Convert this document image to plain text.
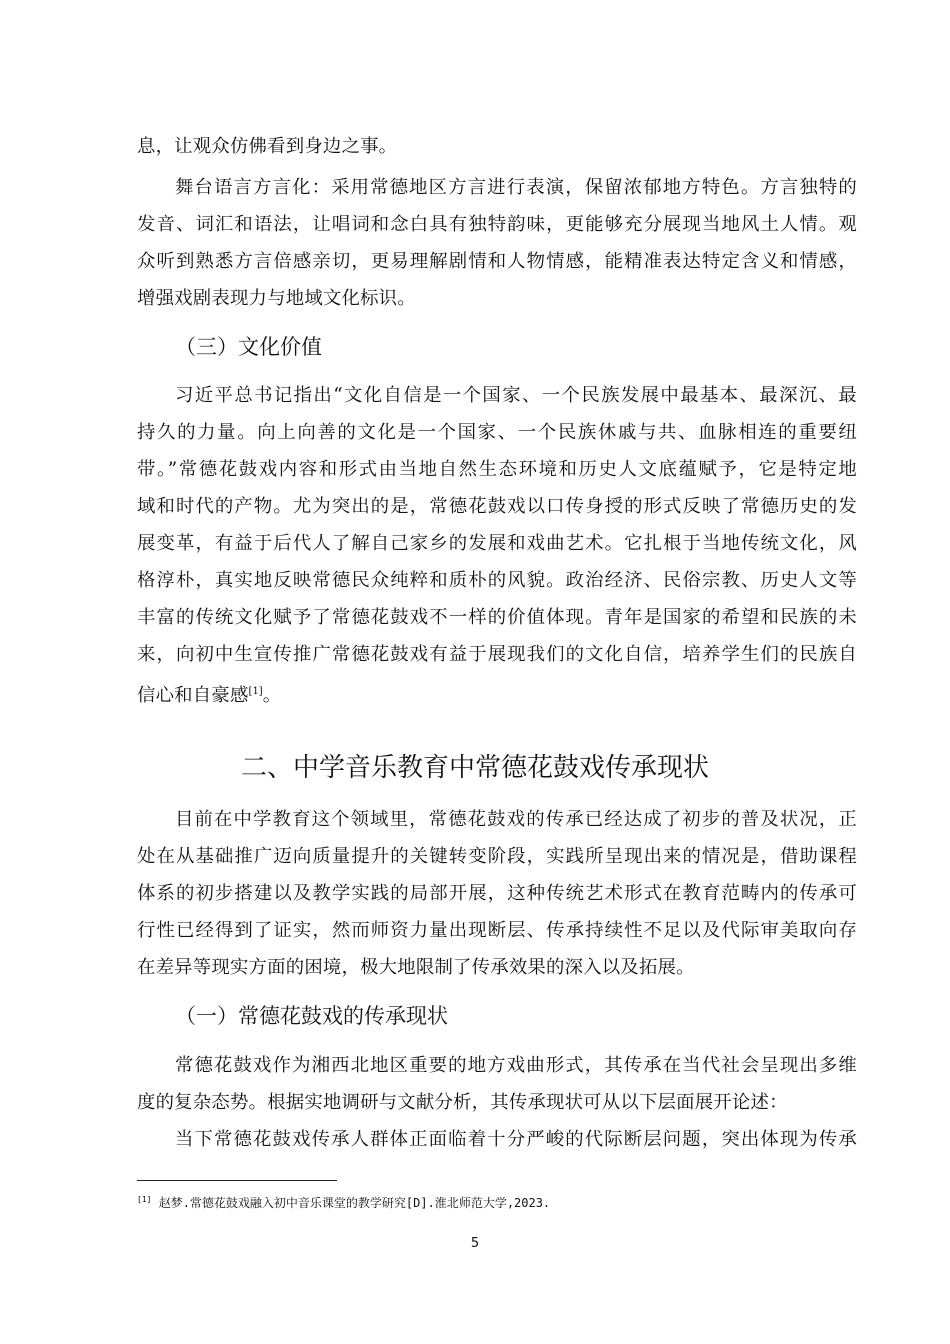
息，让观众仿佛看到身边之事。
舞台语言方言化：采用常德地区方言进行表演，保留浓郁地方特色。方言独特的
发音、词汇和语法，让唱词和念白具有独特韵味，更能够充分展现当地风土人情。观
众听到熟悉方言倍感亲切，更易理解剧情和人物情感，能精准表达特定含义和情感，
增强戏剧表现力与地域文化标识。
（三）文化价值
习近平总书记指出“文化自信是一个国家、一个民族发展中最基本、最深沉、最
持久的力量。向上向善的文化是一个国家、一个民族休戚与共、血脉相连的重要纽
带。”常德花鼓戏内容和形式由当地自然生态环境和历史人文底蕴赋予，它是特定地
域和时代的产物。尤为突出的是，常德花鼓戏以口传身授的形式反映了常德历史的发
展变革，有益于后代人了解自己家乡的发展和戏曲艺术。它扎根于当地传统文化，风
格淳朴，真实地反映常德民众纯粹和质朴的风貌。政治经济、民俗宗教、历史人文等
丰富的传统文化赋予了常德花鼓戏不一样的价值体现。青年是国家的希望和民族的未
来，向初中生宣传推广常德花鼓戏有益于展现我们的文化自信，培养学生们的民族自
信心和自豪感[1]。
二、中学音乐教育中常德花鼓戏传承现状
目前在中学教育这个领域里，常德花鼓戏的传承已经达成了初步的普及状况，正
处在从基础推广迈向质量提升的关键转变阶段，实践所呈现出来的情况是，借助课程
体系的初步搭建以及教学实践的局部开展，这种传统艺术形式在教育范畴内的传承可
行性已经得到了证实，然而师资力量出现断层、传承持续性不足以及代际审美取向存
在差异等现实方面的困境，极大地限制了传承效果的深入以及拓展。
（一）常德花鼓戏的传承现状
常德花鼓戏作为湘西北地区重要的地方戏曲形式，其传承在当代社会呈现出多维
度的复杂态势。根据实地调研与文献分析，其传承现状可从以下层面展开论述：
当下常德花鼓戏传承人群体正面临着十分严峻的代际断层问题，突出体现为传承
[1] 赵梦.常德花鼓戏融入初中音乐课堂的教学研究[D].淮北师范大学,2023.
5
